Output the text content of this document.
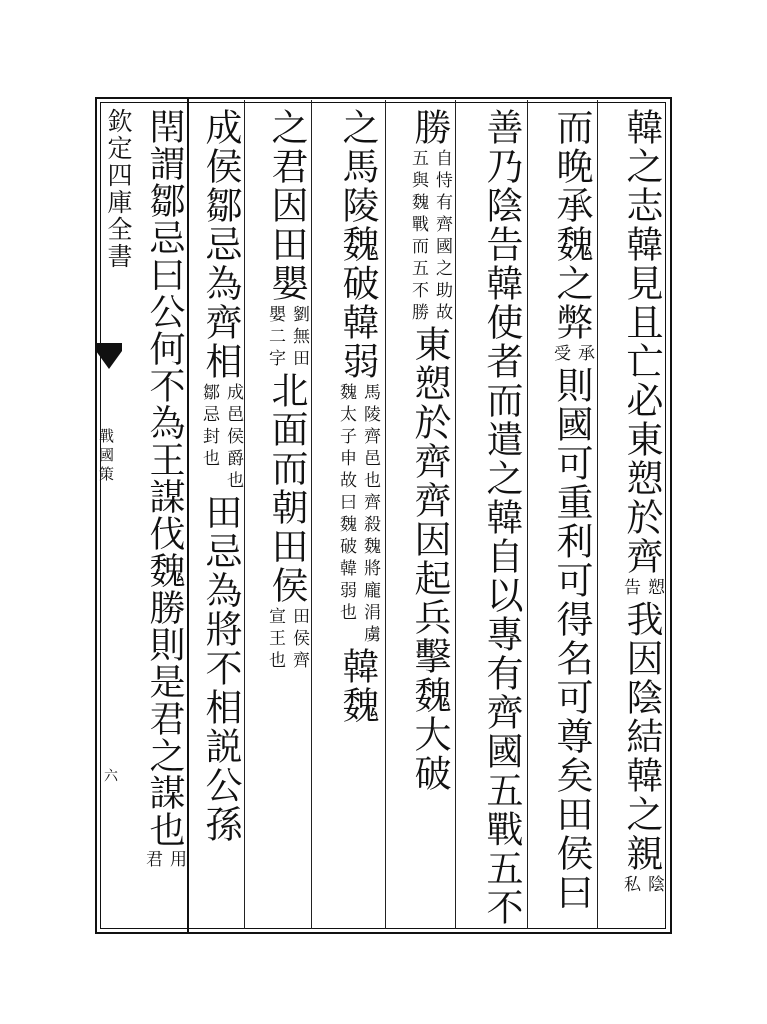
欽定四庫全書
戰國策
六
韓之志韓見且亡必東愬於齊
愬
告
我因陰結韓之親
陰
私
而晚承魏之弊
承
受
則國可重利可得名可尊矣田侯曰
善乃陰告韓使者而遣之韓自以專有齊國五戰五不
勝
自恃有齊國之助故
五與魏戰而五不勝
東愬於齊齊因起兵擊魏大破
之馬陵魏破韓弱
馬陵齊邑也齊殺魏將龐涓虜
魏太子申故曰魏破韓弱也
韓魏
之君因田嬰
劉無田
嬰二字
北面而朝田侯
田侯齊
宣王也
成侯鄒忌為齊相
成邑侯爵也
鄒忌封也
田忌為將不相説公孫
閈謂鄒忌曰公何不為王謀伐魏勝則是君之謀也
用
君
